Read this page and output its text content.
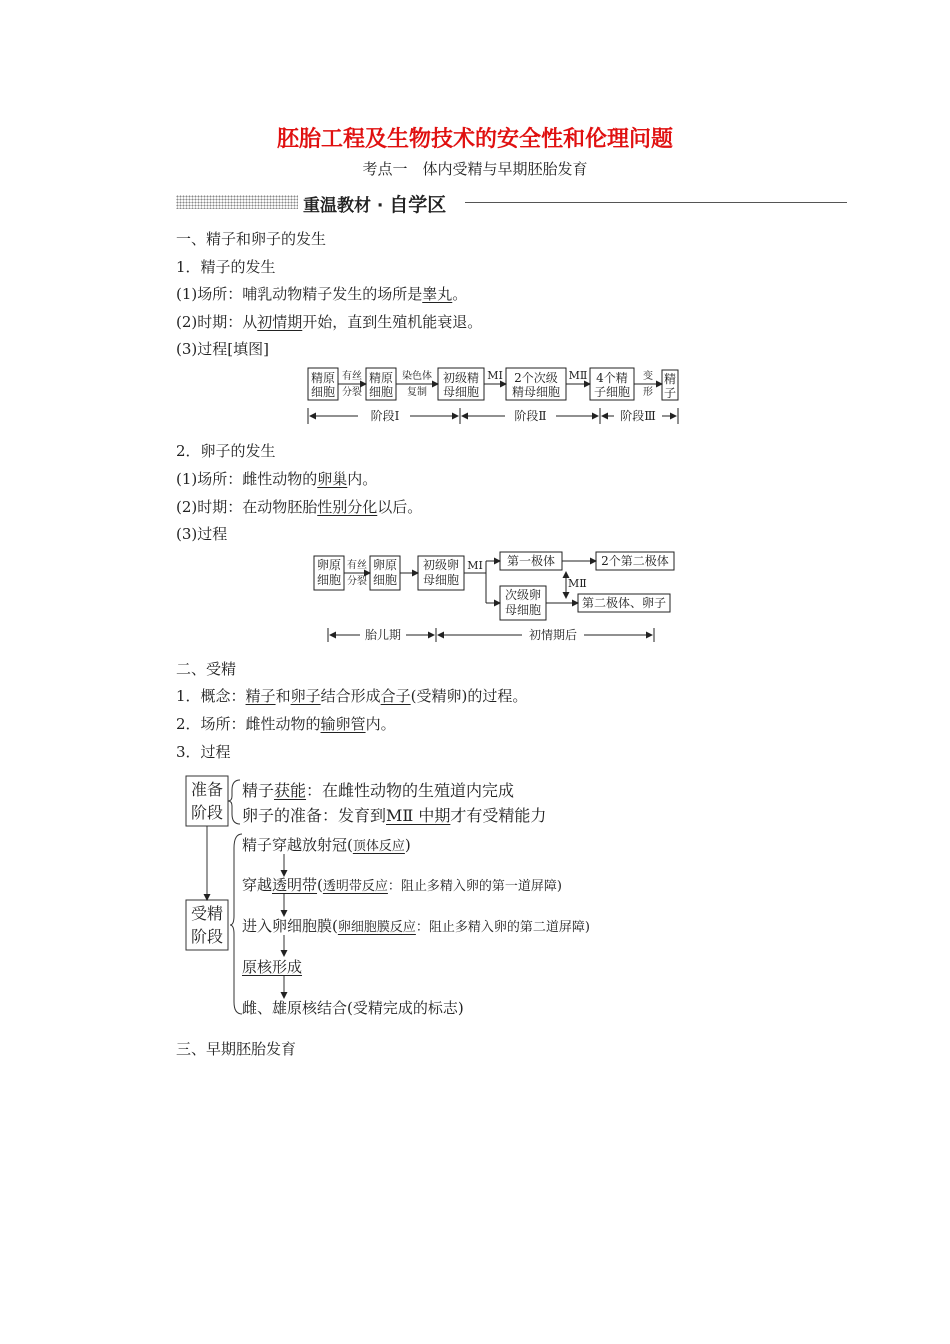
胚胎工程及生物技术的安全性和伦理问题
考点一　体内受精与早期胚胎发育
重温教材 · 自学区
一、精子和卵子的发生
1．精子的发生
(1)场所：哺乳动物精子发生的场所是睾丸。
(2)时期：从初情期开始，直到生殖机能衰退。
(3)过程[填图]
精原
细胞
精原
细胞
初级精
母细胞
2个次级
精母细胞
4个精
子细胞
精
子
有丝
分裂
染色体
复制
MⅠ	MⅡ	变
形
阶段Ⅰ	阶段Ⅱ	阶段Ⅲ
2．卵子的发生
(1)场所：雌性动物的卵巢内。
(2)时期：在动物胚胎性别分化以后。
(3)过程
卵原
细胞
卵原
细胞
初级卵
母细胞
第一极体	2个第二极体
次级卵
母细胞	第二极体、卵子
有丝
分裂
MⅠ
MⅡ
胎儿期	初情期后
二、受精
1．概念：精子和卵子结合形成合子(受精卵)的过程。
2．场所：雌性动物的输卵管内。
3．过程
准备
阶段
受精
阶段
精子获能：在雌性动物的生殖道内完成
卵子的准备：发育到MⅡ 中期才有受精能力
精子穿越放射冠(顶体反应)
穿越透明带(透明带反应：阻止多精入卵的第一道屏障)
进入卵细胞膜(卵细胞膜反应：阻止多精入卵的第二道屏障)
原核形成
雌、雄原核结合(受精完成的标志)
三、早期胚胎发育
